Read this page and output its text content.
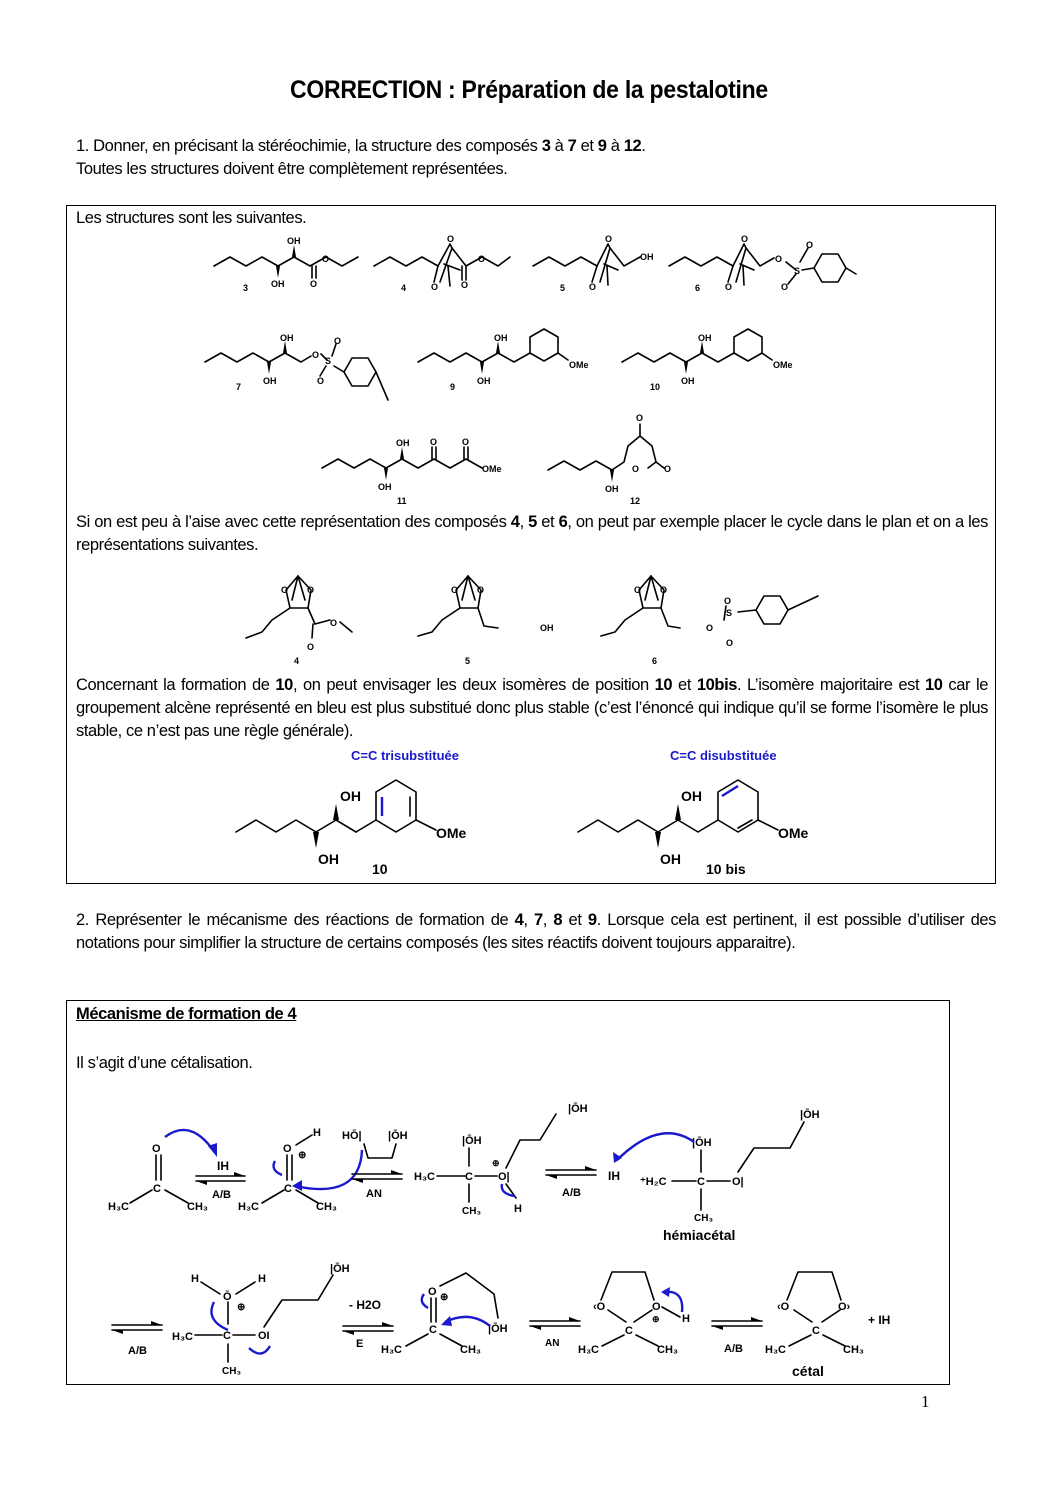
CORRECTION : Préparation de la pestalotine
1. Donner, en précisant la stéréochimie, la structure des composés 3 à 7 et 9 à 12.
Toutes les structures doivent être complètement représentées.
Les structures sont les suivantes.
OH
OH	O
O
3
O
O	O
O
4
O
O
OH
5
O
O
O
S
O
O
6
OH
OH
O
S
O
O
7
OH
OH
OMe
9
OH
OH
OMe
10
OH
OH
O	O
OMe
11
O
O	O
OH
12
O O
O
O
4
O O
OH
5
O O
O
S
O
O
6
OH
OH
OMe
10
OH
OH
OMe
10 bis
Si on est peu à l’aise avec cette représentation des composés 4, 5 et 6, on peut par exemple placer le cycle dans le plan et on a les représentations suivantes.
Concernant la formation de 10, on peut envisager les deux isomères de position 10 et 10bis. L’isomère majoritaire est 10 car le groupement alcène représenté en bleu est plus substitué donc plus stable (c’est l’énoncé qui indique qu’il se forme l’isomère le plus stable, ce n’est pas une règle générale).
C=C trisubstituée	C=C disubstituée
2. Représenter le mécanisme des réactions de formation de 4, 7, 8 et 9. Lorsque cela est pertinent, il est possible d’utiliser des notations pour simplifier la structure de certains composés (les sites réactifs doivent toujours apparaitre).
Mécanisme de formation de 4
Il s’agit d’une cétalisation.
O
C
H₃C	CH₃
IH
A/B
O
⊕
H
C
H₃C	CH₃
HŌ| |ŌH
AN
H₃C	C
|ŌH
CH₃
O|
⊕
H
|ŌH
A/B
IH ⁺H₂C	C
|ŌH
CH₃
O|
|ŌH
hémiacétal
A/B
H	H
Ō
⊕
H₃C	C
CH₃
OI
|ŌH
- H2O
E
O ⊕
C
H₃C	CH₃
|ŌH
AN
‹O	O
⊕ H
C
H₃C	CH₃	A/B
‹O	O›
C
H₃C	CH₃
cétal
+ IH
1
